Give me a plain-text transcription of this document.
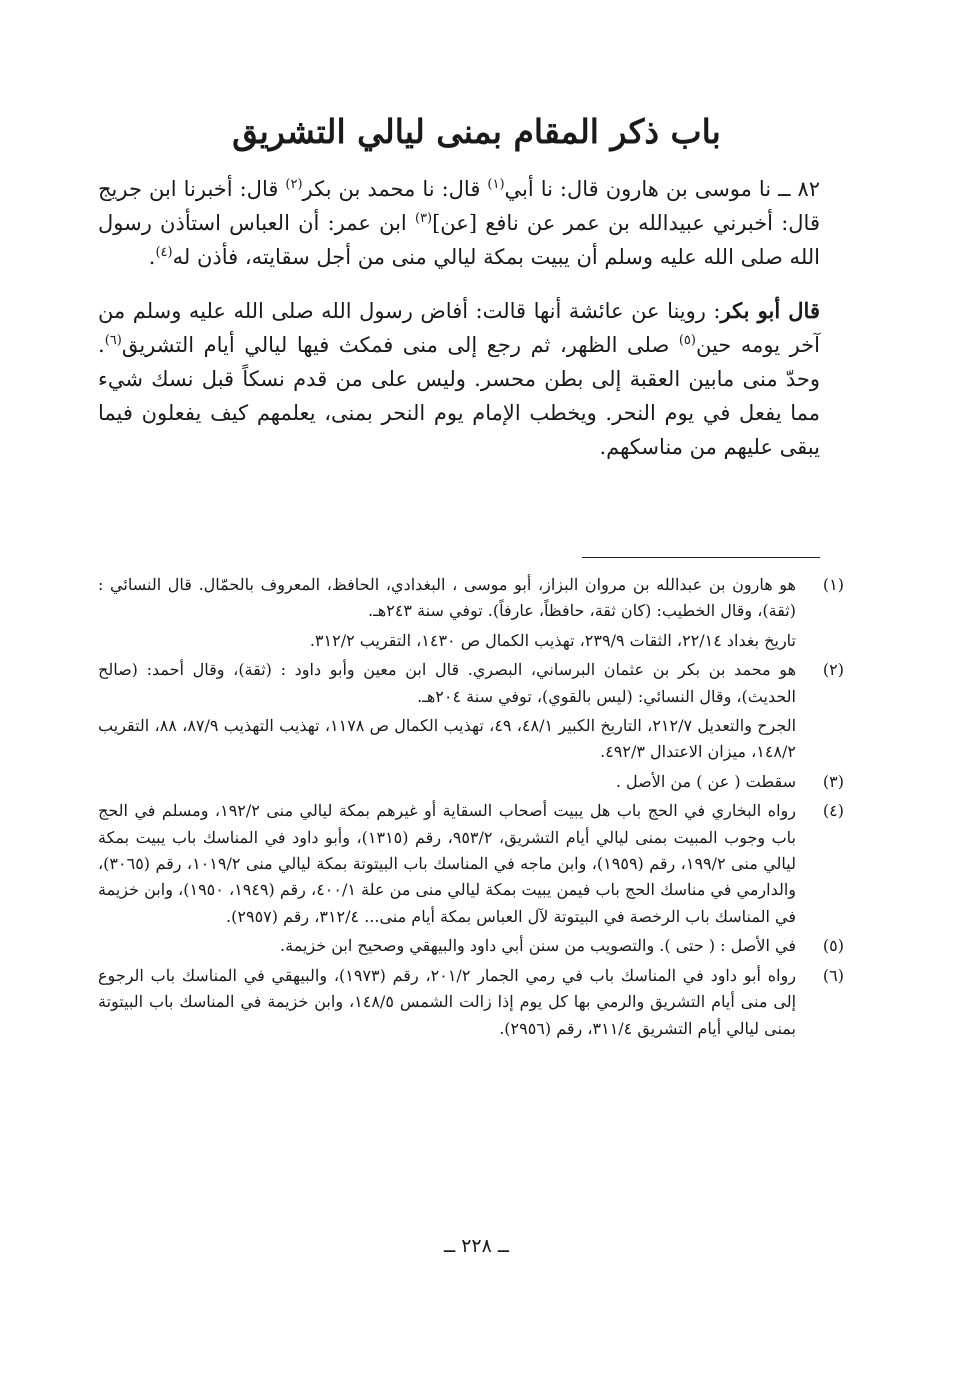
باب ذكر المقام بمنى ليالي التشريق

٨٢ ــ نا موسى بن هارون قال: نا أبي$^{(١)}$ قال: نا محمد بن بكر$^{(٢)}$ قال: أخبرنا ابن جريج قال: أخبرني عبيدالله بن عمر عن نافع [عن]$^{(٣)}$ ابن عمر: أن العباس استأذن رسول الله صلى الله عليه وسلم أن يبيت بمكة ليالي منى من أجل سقايته، فأذن له$^{(٤)}$.

قال أبو بكر: روينا عن عائشة أنها قالت: أفاض رسول الله صلى الله عليه وسلم من آخر يومه حين$^{(٥)}$ صلى الظهر، ثم رجع إلى منى فمكث فيها ليالي أيام التشريق$^{(٦)}$. وحدّ منى مابين العقبة إلى بطن محسر. وليس على من قدم نسكاً قبل نسك شيء مما يفعل في يوم النحر. ويخطب الإمام يوم النحر بمنى، يعلمهم كيف يفعلون فيما يبقى عليهم من مناسكهم.

(١)
هو هارون بن عبدالله بن مروان البزاز، أبو موسى ، البغدادي، الحافظ، المعروف بالحمّال. قال النسائي : (ثقة)، وقال الخطيب: (كان ثقة، حافظاً، عارفاً). توفي سنة ٢٤٣هـ.
تاريخ بغداد ٢٢/١٤، الثقات ٢٣٩/٩، تهذيب الكمال ص ١٤٣٠، التقريب ٣١٢/٢.
(٢)
هو محمد بن بكر بن عثمان البرساني، البصري. قال ابن معين وأبو داود : (ثقة)، وقال أحمد: (صالح الحديث)، وقال النسائي: (ليس بالقوي)، توفي سنة ٢٠٤هـ.
الجرح والتعديل ٢١٢/٧، التاريخ الكبير ٤٨/١، ٤٩، تهذيب الكمال ص ١١٧٨، تهذيب التهذيب ٨٧/٩، ٨٨، التقريب ١٤٨/٢، ميزان الاعتدال ٤٩٢/٣.
(٣)
سقطت ( عن ) من الأصل .
(٤)
رواه البخاري في الحج باب هل يبيت أصحاب السقاية أو غيرهم بمكة ليالي منى ١٩٢/٢، ومسلم في الحج باب وجوب المبيت بمنى ليالي أيام التشريق، ٩٥٣/٢، رقم (١٣١٥)، وأبو داود في المناسك باب يبيت بمكة ليالي منى ١٩٩/٢، رقم (١٩٥٩)، وابن ماجه في المناسك باب البيتوتة بمكة ليالي منى ١٠١٩/٢، رقم (٣٠٦٥)، والدارمي في مناسك الحج باب فيمن يبيت بمكة ليالي منى من علة ٤٠٠/١، رقم (١٩٤٩، ١٩٥٠)، وابن خزيمة في المناسك باب الرخصة في البيتوتة لآل العباس بمكة أيام منى... ٣١٢/٤، رقم (٢٩٥٧).
(٥)
في الأصل : ( حتى ). والتصويب من سنن أبي داود والبيهقي وصحيح ابن خزيمة.
(٦)
رواه أبو داود في المناسك باب في رمي الجمار ٢٠١/٢، رقم (١٩٧٣)، والبيهقي في المناسك باب الرجوع إلى منى أيام التشريق والرمي بها كل يوم إذا زالت الشمس ١٤٨/٥، وابن خزيمة في المناسك باب البيتوتة بمنى ليالي أيام التشريق ٣١١/٤، رقم (٢٩٥٦).
ــ ٢٢٨ ــ
